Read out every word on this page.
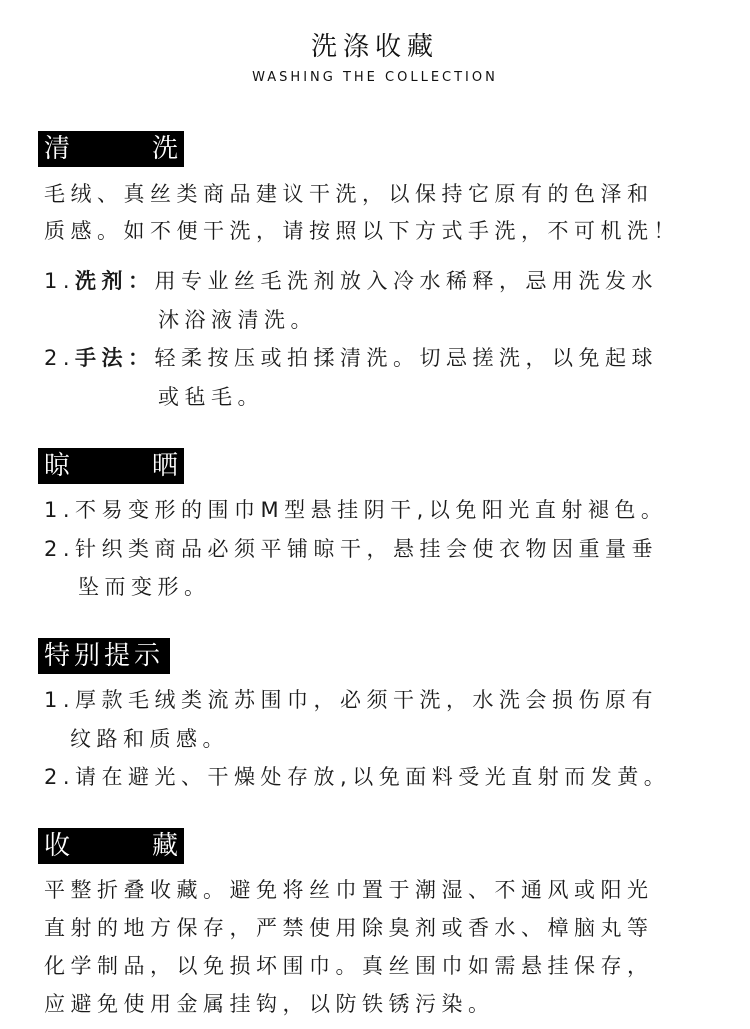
洗涤收藏
WASHING THE COLLECTION
清	洗
毛绒、真丝类商品建议干洗，以保持它原有的色泽和
质感。如不便干洗，请按照以下方式手洗，不可机洗！
1.洗剂：用专业丝毛洗剂放入冷水稀释，忌用洗发水
沐浴液清洗。
2.手法：轻柔按压或拍揉清洗。切忌搓洗，以免起球
或毡毛。
晾	晒
1.不易变形的围巾M型悬挂阴干,以免阳光直射褪色。
2.针织类商品必须平铺晾干，悬挂会使衣物因重量垂
坠而变形。
特别提示
1.厚款毛绒类流苏围巾，必须干洗，水洗会损伤原有
纹路和质感。
2.请在避光、干燥处存放,以免面料受光直射而发黄。
收	藏
平整折叠收藏。避免将丝巾置于潮湿、不通风或阳光
直射的地方保存，严禁使用除臭剂或香水、樟脑丸等
化学制品，以免损坏围巾。真丝围巾如需悬挂保存，
应避免使用金属挂钩，以防铁锈污染。
